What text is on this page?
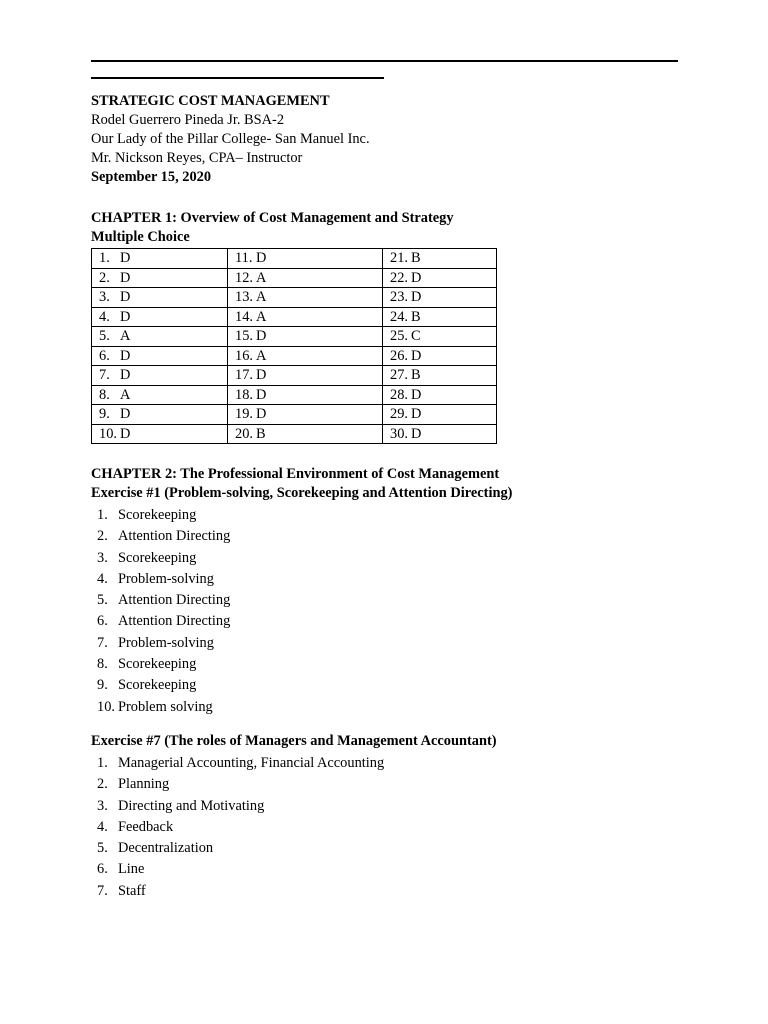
STRATEGIC COST MANAGEMENT
Rodel Guerrero Pineda Jr. BSA-2
Our Lady of the Pillar College- San Manuel Inc.
Mr. Nickson Reyes, CPA– Instructor
September 15, 2020
CHAPTER 1: Overview of Cost Management and Strategy
Multiple Choice
1. D	11. D	21. B
2. D	12. A	22. D
3. D	13. A	23. D
4. D	14. A	24. B
5. A	15. D	25. C
6. D	16. A	26. D
7. D	17. D	27. B
8. A	18. D	28. D
9. D	19. D	29. D
10. D	20. B	30. D
CHAPTER 2: The Professional Environment of Cost Management
Exercise #1 (Problem-solving, Scorekeeping and Attention Directing)
1. Scorekeeping
2. Attention Directing
3. Scorekeeping
4. Problem-solving
5. Attention Directing
6. Attention Directing
7. Problem-solving
8. Scorekeeping
9. Scorekeeping
10. Problem solving
Exercise #7 (The roles of Managers and Management Accountant)
1. Managerial Accounting, Financial Accounting
2. Planning
3. Directing and Motivating
4. Feedback
5. Decentralization
6. Line
7. Staff
